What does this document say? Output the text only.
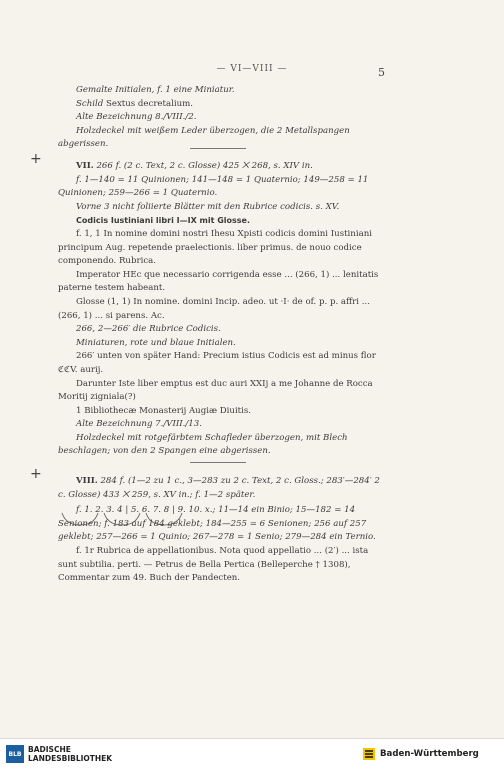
— VI—VIII —	5

Gemalte Initialen, f. 1 eine Miniatur.

Schild Sextus decretalium.

Alte Bezeichnung 8./VIII./2.

Holzdeckel mit weißem Leder überzogen, die 2 Metallspangen abgerissen.

+	VII. 266 f. (2 c. Text, 2 c. Glosse) 425 ⨉ 268, s. XIV in.

f. 1—140 = 11 Quinionen; 141—148 = 1 Quaternio; 149—258 = 11 Quinionen; 259—266 = 1 Quaternio.

Vorne 3 nicht foliierte Blätter mit den Rubrice codicis. s. XV.

Codicis Iustiniani libri I—IX mit Glosse.

f. 1, 1 In nomine domini nostri Ihesu Xpisti codicis domini Iustiniani principum Aug. repetende praelectionis. liber primus. de nouo codice componendo. Rubrica.

Imperator HEc que necessario corrigenda esse ... (266, 1) ... lenitatis paterne testem habeant.

Glosse (1, 1) In nomine. domini Incip. adeo. ut ·I· de of. p. p. affri ... (266, 1) ... si parens. Ac.

266, 2—266′ die Rubrice Codicis.

Miniaturen, rote und blaue Initialen.

266′ unten von später Hand: Precium istius Codicis est ad minus flor ℭℭV. aurij.

Darunter Iste liber emptus est duc auri XXIj a me Johanne de Rocca Moritij zigniala(?)

1 Bibliothecæ Monasterij Augiæ Diuitis.

Alte Bezeichnung 7./VIII./13.

Holzdeckel mit rotgefärbtem Schafleder überzogen, mit Blech beschlagen; von den 2 Spangen eine abgerissen.

+	VIII. 284 f. (1—2 zu 1 c., 3—283 zu 2 c. Text, 2 c. Gloss.; 283′—284′ 2 c. Glosse) 433 ⨉ 259, s. XV in.; f. 1—2 später.

f. 1. 2. 3. 4 | 5. 6. 7. 8 | 9. 10. x.; 11—14 ein Binio; 15—182 = 14 Senionen; f. 183 auf 184 geklebt; 184—255 = 6 Senionen; 256 auf 257 geklebt; 257—266 = 1 Quinio; 267—278 = 1 Senio; 279—284 ein Ternio.

f. 1r Rubrica de appellationibus. Nota quod appellatio ... (2′) ... ista sunt subtilia. perti. — Petrus de Bella Pertica (Belleperche † 1308), Commentar zum 49. Buch der Pandecten.

BLB BADISCHE
LANDESBIBLIOTHEK	Baden-Württemberg
